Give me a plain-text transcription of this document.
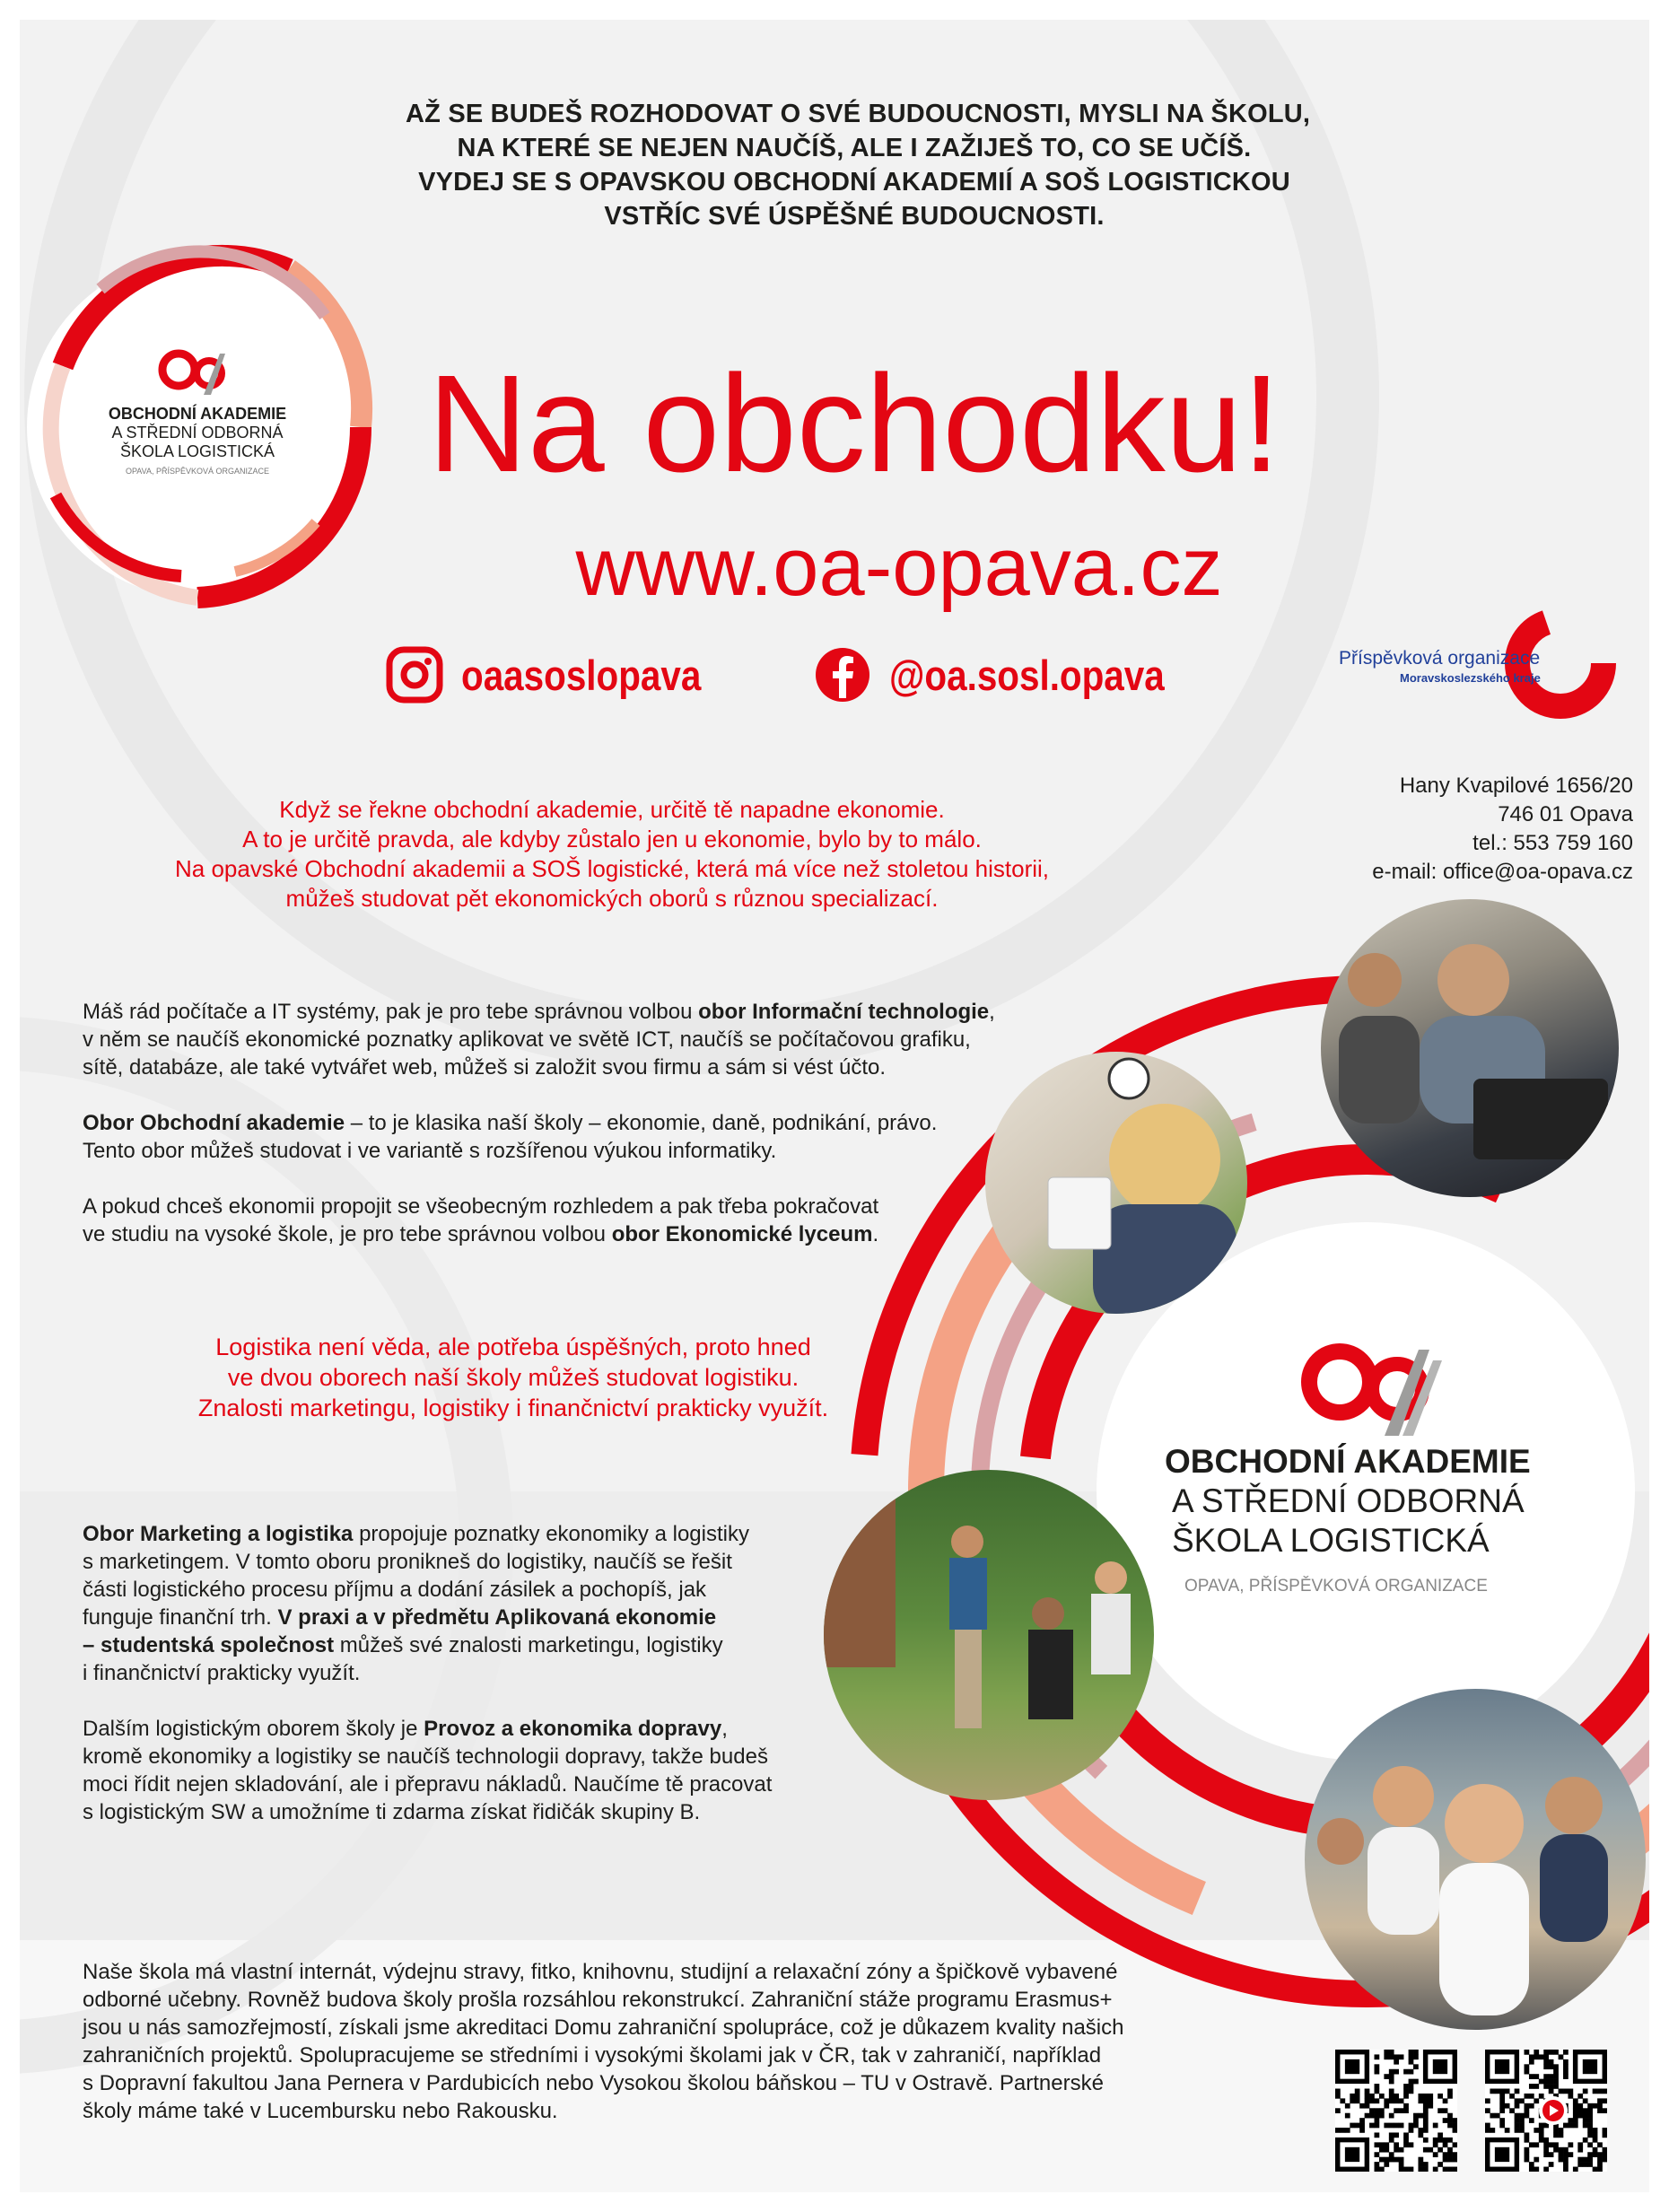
AŽ SE BUDEŠ ROZHODOVAT O SVÉ BUDOUCNOSTI, MYSLI NA ŠKOLU,
NA KTERÉ SE NEJEN NAUČÍŠ, ALE I ZAŽIJEŠ TO, CO SE UČÍŠ.
VYDEJ SE S OPAVSKOU OBCHODNÍ AKADEMIÍ A SOŠ LOGISTICKOU
VSTŘÍC SVÉ ÚSPĚŠNÉ BUDOUCNOSTI.
OBCHODNÍ AKADEMIE
A STŘEDNÍ ODBORNÁ
ŠKOLA LOGISTICKÁ
OPAVA, PŘÍSPĚVKOVÁ ORGANIZACE	Na obchodku!
www.oa-opava.cz
oaasoslopava	@oa.sosl.opava	Příspěvková organizace
Moravskoslezského kraje
Hany Kvapilové 1656/20
746 01 Opava
tel.: 553 759 160
e-mail: office@oa-opava.cz
Když se řekne obchodní akademie, určitě tě napadne ekonomie.
A to je určitě pravda, ale kdyby zůstalo jen u ekonomie, bylo by to málo.
Na opavské Obchodní akademii a SOŠ logistické, která má více než stoletou historii,
můžeš studovat pět ekonomických oborů s různou specializací.

Máš rád počítače a IT systémy, pak je pro tebe správnou volbou obor Informační technologie,
v něm se naučíš ekonomické poznatky aplikovat ve světě ICT, naučíš se počítačovou grafiku,
sítě, databáze, ale také vytvářet web, můžeš si založit svou firmu a sám si vést účto.

Obor Obchodní akademie – to je klasika naší školy – ekonomie, daně, podnikání, právo.
Tento obor můžeš studovat i ve variantě s rozšířenou výukou informatiky.

A pokud chceš ekonomii propojit se všeobecným rozhledem a pak třeba pokračovat
ve studiu na vysoké škole, je pro tebe správnou volbou obor Ekonomické lyceum.

Logistika není věda, ale potřeba úspěšných, proto hned
ve dvou oborech naší školy můžeš studovat logistiku.
Znalosti marketingu, logistiky i finančnictví prakticky využít.

Obor Marketing a logistika propojuje poznatky ekonomiky a logistiky
s marketingem. V tomto oboru proniknеš do logistiky, naučíš se řešit
části logistického procesu příjmu a dodání zásilek a pochopíš, jak
funguje finanční trh. V praxi a v předmětu Aplikovaná ekonomie
– studentská společnost můžeš své znalosti marketingu, logistiky
i finančnictví prakticky využít.

Dalším logistickým oborem školy je Provoz a ekonomika dopravy,
kromě ekonomiky a logistiky se naučíš technologii dopravy, takže budeš
moci řídit nejen skladování, ale i přepravu nákladů. Naučíme tě pracovat
s logistickým SW a umožníme ti zdarma získat řidičák skupiny B.

Naše škola má vlastní internát, výdejnu stravy, fitko, knihovnu, studijní a relaxační zóny a špičkově vybavené
odborné učebny. Rovněž budova školy prošla rozsáhlou rekonstrukcí. Zahraniční stáže programu Erasmus+
jsou u nás samozřejmostí, získali jsme akreditaci Domu zahraniční spolupráce, což je důkazem kvality našich
zahraničních projektů. Spolupracujeme se středními i vysokými školami jak v ČR, tak v zahraničí, například
s Dopravní fakultou Jana Pernera v Pardubicích nebo Vysokou školou báňskou – TU v Ostravě. Partnerské
školy máme také v Lucembursku nebo Rakousku.
OBCHODNÍ AKADEMIE
A STŘEDNÍ ODBORNÁ
ŠKOLA LOGISTICKÁ
OPAVA, PŘÍSPĚVKOVÁ ORGANIZACE
